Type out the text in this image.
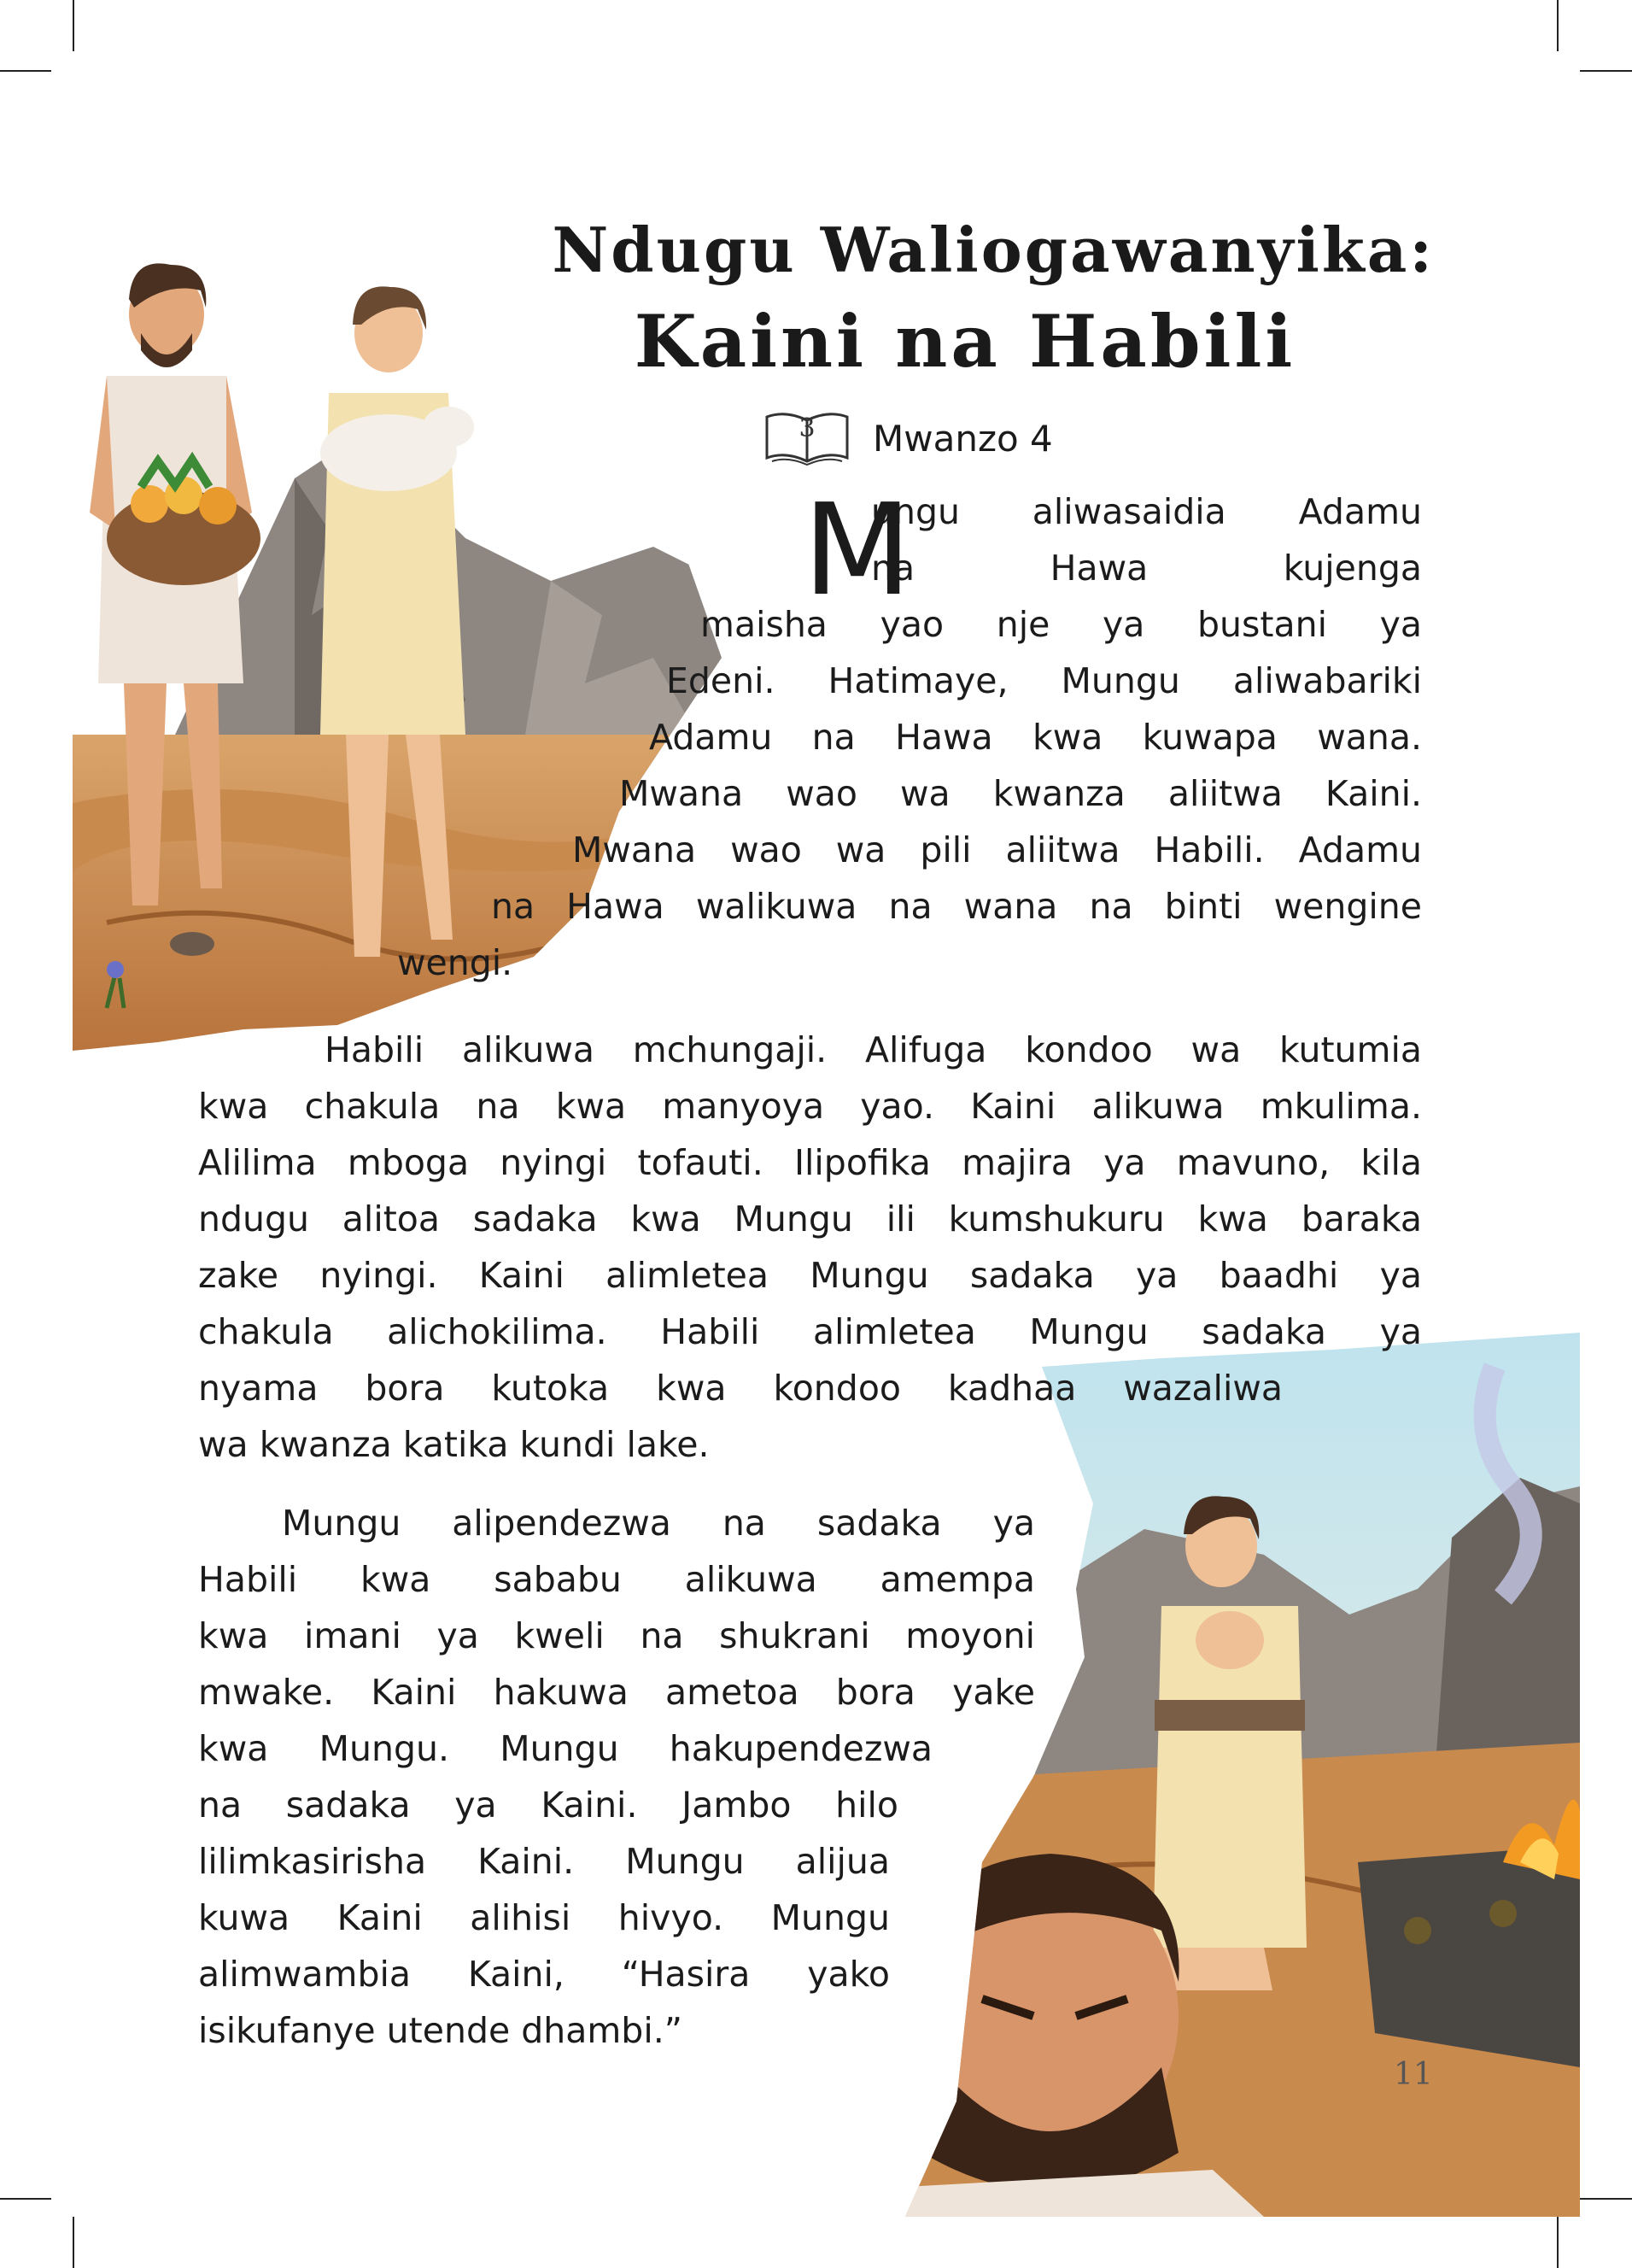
Ndugu Waliogawanyika:
Kaini na Habili
3	Mwanzo 4
M
ungu aliwasaidia Adamu
na Hawa kujenga
maisha yao nje ya bustani ya
Edeni. Hatimaye, Mungu aliwabariki
Adamu na Hawa kwa kuwapa wana.
Mwana wao wa kwanza aliitwa Kaini.
Mwana wao wa pili aliitwa Habili. Adamu
na Hawa walikuwa na wana na binti wengine
wengi.
Habili alikuwa mchungaji. Alifuga kondoo wa kutumia
kwa chakula na kwa manyoya yao. Kaini alikuwa mkulima.
Alilima mboga nyingi tofauti. Ilipofika majira ya mavuno, kila
ndugu alitoa sadaka kwa Mungu ili kumshukuru kwa baraka
zake nyingi. Kaini alimletea Mungu sadaka ya baadhi ya
chakula alichokilima. Habili alimletea Mungu sadaka ya
nyama bora kutoka kwa kondoo kadhaa wazaliwa
wa kwanza katika kundi lake.
Mungu alipendezwa na sadaka ya
Habili kwa sababu alikuwa amempa
kwa imani ya kweli na shukrani moyoni
mwake. Kaini hakuwa ametoa bora yake
kwa Mungu. Mungu hakupendezwa
na sadaka ya Kaini. Jambo hilo
lilimkasirisha Kaini. Mungu alijua
kuwa Kaini alihisi hivyo. Mungu
alimwambia Kaini, “Hasira yako
isikufanye utende dhambi.”
11
